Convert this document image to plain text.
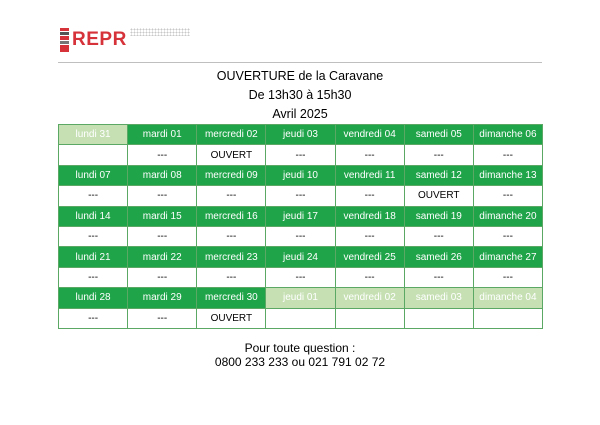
REPR
OUVERTURE de la Caravane
De 13h30 à 15h30
Avril 2025
lundi 31	mardi 01	mercredi 02	jeudi 03	vendredi 04	samedi 05	dimanche 06
	---	OUVERT	---	---	---	---
lundi 07	mardi 08	mercredi 09	jeudi 10	vendredi 11	samedi 12	dimanche 13
---	---	---	---	---	OUVERT	---
lundi 14	mardi 15	mercredi 16	jeudi 17	vendredi 18	samedi 19	dimanche 20
---	---	---	---	---	---	---
lundi 21	mardi 22	mercredi 23	jeudi 24	vendredi 25	samedi 26	dimanche 27
---	---	---	---	---	---	---
lundi 28	mardi 29	mercredi 30	jeudi 01	vendredi 02	samedi 03	dimanche 04
---	---	OUVERT				
Pour toute question :
0800 233 233 ou 021 791 02 72
